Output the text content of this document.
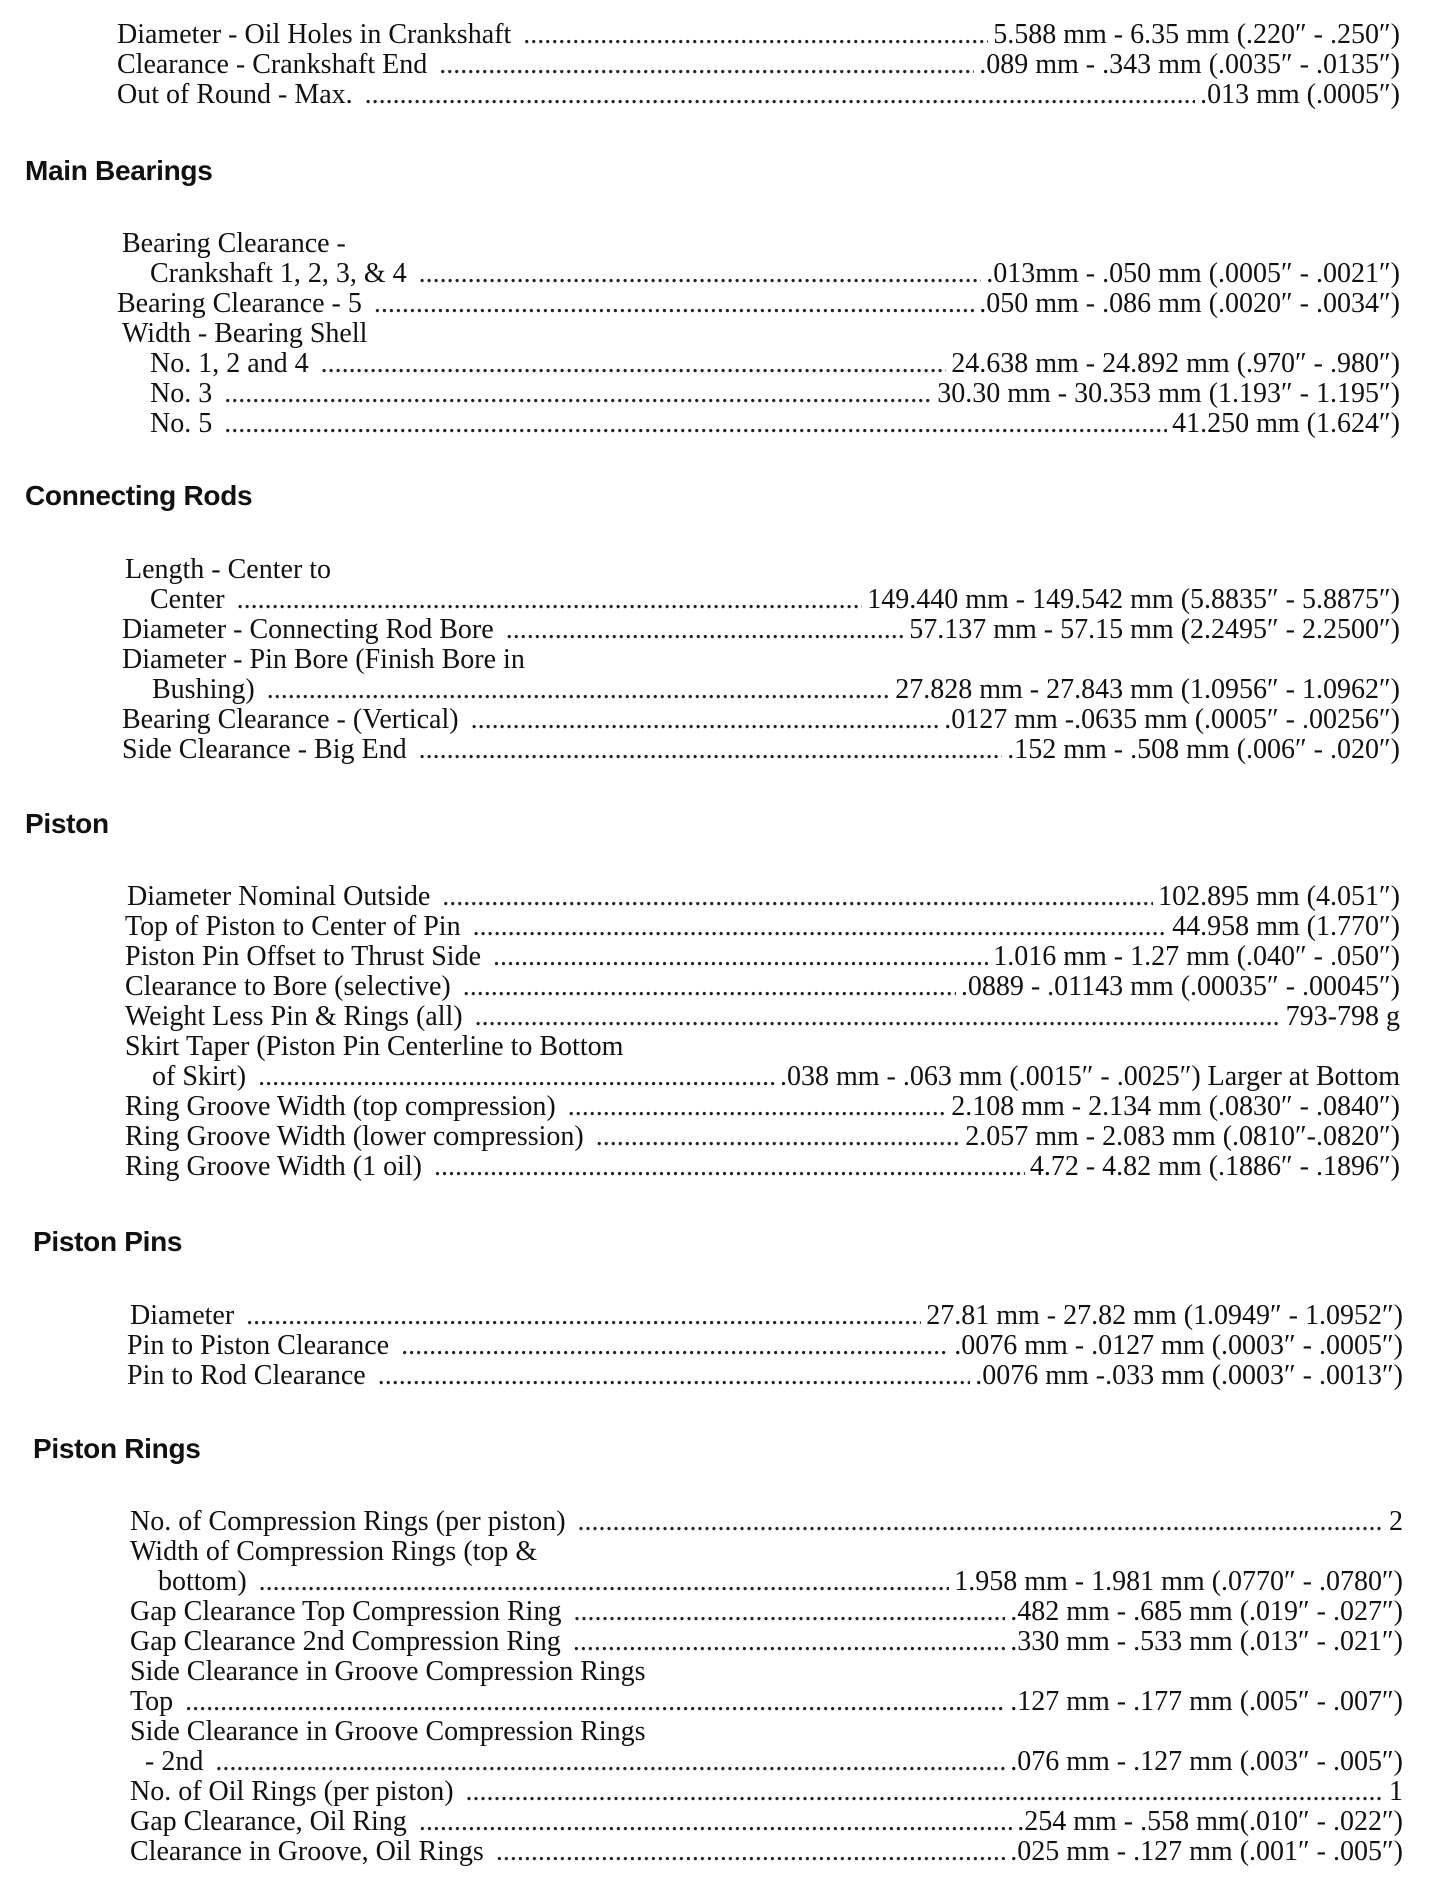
Diameter - Oil Holes in Crankshaft .....	5.588 mm - 6.35 mm (.220″ - .250″)
Clearance - Crankshaft End .....	.089 mm - .343 mm (.0035″ - .0135″)
Out of Round - Max. .....	.013 mm (.0005″)
Main Bearings
Bearing Clearance -
Crankshaft 1, 2, 3, & 4 .....	.013mm - .050 mm (.0005″ - .0021″)
Bearing Clearance - 5 .....	.050 mm - .086 mm (.0020″ - .0034″)
Width - Bearing Shell
No. 1, 2 and 4 .....	24.638 mm - 24.892 mm (.970″ - .980″)
No. 3 .....	30.30 mm - 30.353 mm (1.193″ - 1.195″)
No. 5 .....	41.250 mm (1.624″)
Connecting Rods
Length - Center to
Center .....	149.440 mm - 149.542 mm (5.8835″ - 5.8875″)
Diameter - Connecting Rod Bore .....	57.137 mm - 57.15 mm (2.2495″ - 2.2500″)
Diameter - Pin Bore (Finish Bore in
Bushing) .....	27.828 mm - 27.843 mm (1.0956″ - 1.0962″)
Bearing Clearance - (Vertical) .....	.0127 mm -.0635 mm (.0005″ - .00256″)
Side Clearance - Big End .....	.152 mm - .508 mm (.006″ - .020″)
Piston
Diameter Nominal Outside .....	102.895 mm (4.051″)
Top of Piston to Center of Pin .....	44.958 mm (1.770″)
Piston Pin Offset to Thrust Side .....	1.016 mm - 1.27 mm (.040″ - .050″)
Clearance to Bore (selective) .....	.0889 - .01143 mm (.00035″ - .00045″)
Weight Less Pin & Rings (all) .....	793-798 g
Skirt Taper (Piston Pin Centerline to Bottom
of Skirt) .....	.038 mm - .063 mm (.0015″ - .0025″) Larger at Bottom
Ring Groove Width (top compression) .....	2.108 mm - 2.134 mm (.0830″ - .0840″)
Ring Groove Width (lower compression) .....	2.057 mm - 2.083 mm (.0810″-.0820″)
Ring Groove Width (1 oil) .....	4.72 - 4.82 mm (.1886″ - .1896″)
Piston Pins
Diameter .....	27.81 mm - 27.82 mm (1.0949″ - 1.0952″)
Pin to Piston Clearance .....	.0076 mm - .0127 mm (.0003″ - .0005″)
Pin to Rod Clearance .....	.0076 mm -.033 mm (.0003″ - .0013″)
Piston Rings
No. of Compression Rings (per piston) .....	2
Width of Compression Rings (top &
bottom) .....	1.958 mm - 1.981 mm (.0770″ - .0780″)
Gap Clearance Top Compression Ring .....	.482 mm - .685 mm (.019″ - .027″)
Gap Clearance 2nd Compression Ring .....	.330 mm - .533 mm (.013″ - .021″)
Side Clearance in Groove Compression Rings
Top .....	.127 mm - .177 mm (.005″ - .007″)
Side Clearance in Groove Compression Rings
- 2nd .....	.076 mm - .127 mm (.003″ - .005″)
No. of Oil Rings (per piston) .....	1
Gap Clearance, Oil Ring .....	.254 mm - .558 mm(.010″ - .022″)
Clearance in Groove, Oil Rings .....	.025 mm - .127 mm (.001″ - .005″)
